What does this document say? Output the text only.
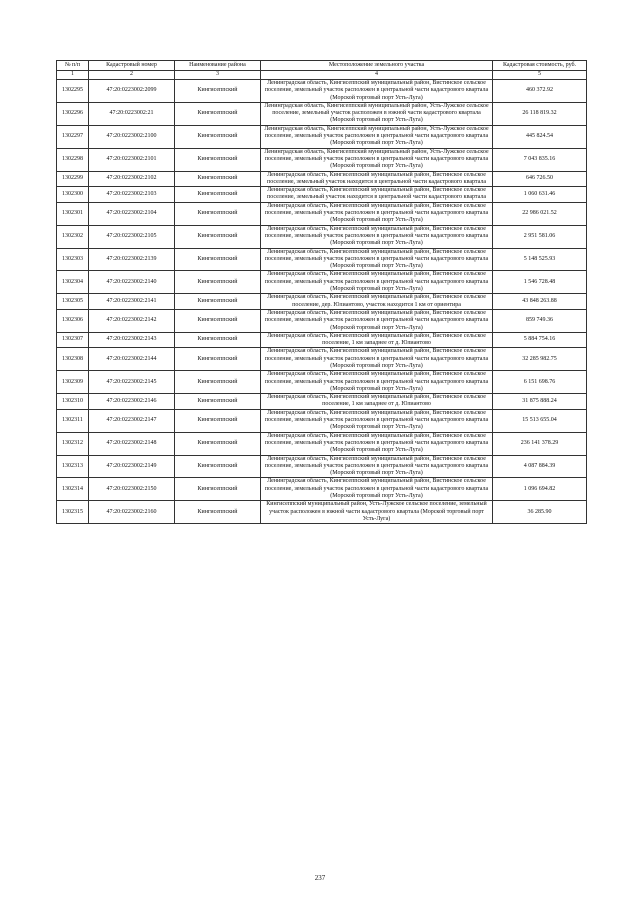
№ п/п	Кадастровый номер	Наименование района	Местоположение земельного участка	Кадастровая стоимость, руб.
1	2	3	4	5
1302295	47:20:0223002:2099	Кингисеппский	Ленинградская область, Кингисеппский муниципальный район, Вистинское сельское поселение, земельный участок расположен в центральной части кадастрового квартала (Морской торговый порт Усть-Луга)	460 372.92
1302296	47:20:0223002:21	Кингисеппский	Ленинградская область, Кингисеппский муниципальный район, Усть-Лужское сельское поселение, земельный участок расположен в южной части кадастрового квартала (Морской торговый порт Усть-Луга)	26 118 819.32
1302297	47:20:0223002:2100	Кингисеппский	Ленинградская область, Кингисеппский муниципальный район, Усть-Лужское сельское поселение, земельный участок расположен в центральной части кадастрового квартала (Морской торговый порт Усть-Луга)	445 824.54
1302298	47:20:0223002:2101	Кингисеппский	Ленинградская область, Кингисеппский муниципальный район, Усть-Лужское сельское поселение, земельный участок расположен в центральной части кадастрового квартала (Морской торговый порт Усть-Луга)	7 043 835.16
1302299	47:20:0223002:2102	Кингисеппский	Ленинградская область, Кингисеппский муниципальный район, Вистинское сельское поселение, земельный участок находится в центральной части кадастрового квартала	646 726.50
1302300	47:20:0223002:2103	Кингисеппский	Ленинградская область, Кингисеппский муниципальный район, Вистинское сельское поселение, земельный участок находится в центральной части кадастрового квартала	1 060 631.46
1302301	47:20:0223002:2104	Кингисеппский	Ленинградская область, Кингисеппский муниципальный район, Вистинское сельское поселение, земельный участок расположен в центральной части кадастрового квартала (Морской торговый порт Усть-Луга)	22 986 021.52
1302302	47:20:0223002:2105	Кингисеппский	Ленинградская область, Кингисеппский муниципальный район, Вистинское сельское поселение, земельный участок расположен в центральной части кадастрового квартала (Морской торговый порт Усть-Луга)	2 951 581.06
1302303	47:20:0223002:2139	Кингисеппский	Ленинградская область, Кингисеппский муниципальный район, Вистинское сельское поселение, земельный участок расположен в центральной части кадастрового квартала (Морской торговый порт Усть-Луга)	5 148 525.93
1302304	47:20:0223002:2140	Кингисеппский	Ленинградская область, Кингисеппский муниципальный район, Вистинское сельское поселение, земельный участок расположен в центральной части кадастрового квартала (Морской торговый порт Усть-Луга)	1 546 728.48
1302305	47:20:0223002:2141	Кингисеппский	Ленинградская область, Кингисеппский муниципальный район, Вистинское сельское поселение, дер. Юлиантово, участок находится 1 км от ориентира	43 848 263.88
1302306	47:20:0223002:2142	Кингисеппский	Ленинградская область, Кингисеппский муниципальный район, Вистинское сельское поселение, земельный участок расположен в центральной части кадастрового квартала (Морской торговый порт Усть-Луга)	859 749.36
1302307	47:20:0223002:2143	Кингисеппский	Ленинградская область, Кингисеппский муниципальный район, Вистинское сельское поселение, 1 км западнее от д. Юлиантово	5 884 754.16
1302308	47:20:0223002:2144	Кингисеппский	Ленинградская область, Кингисеппский муниципальный район, Вистинское сельское поселение, земельный участок расположен в центральной части кадастрового квартала (Морской торговый порт Усть-Луга)	32 285 982.75
1302309	47:20:0223002:2145	Кингисеппский	Ленинградская область, Кингисеппский муниципальный район, Вистинское сельское поселение, земельный участок расположен в центральной части кадастрового квартала (Морской торговый порт Усть-Луга)	6 151 698.76
1302310	47:20:0223002:2146	Кингисеппский	Ленинградская область, Кингисеппский муниципальный район, Вистинское сельское поселение, 1 км западнее от д. Юлиантово	31 875 888.24
1302311	47:20:0223002:2147	Кингисеппский	Ленинградская область, Кингисеппский муниципальный район, Вистинское сельское поселение, земельный участок расположен в центральной части кадастрового квартала (Морской торговый порт Усть-Луга)	15 513 655.04
1302312	47:20:0223002:2148	Кингисеппский	Ленинградская область, Кингисеппский муниципальный район, Вистинское сельское поселение, земельный участок расположен в центральной части кадастрового квартала (Морской торговый порт Усть-Луга)	236 141 378.29
1302313	47:20:0223002:2149	Кингисеппский	Ленинградская область, Кингисеппский муниципальный район, Вистинское сельское поселение, земельный участок расположен в центральной части кадастрового квартала (Морской торговый порт Усть-Луга)	4 087 884.39
1302314	47:20:0223002:2150	Кингисеппский	Ленинградская область, Кингисеппский муниципальный район, Вистинское сельское поселение, земельный участок расположен в центральной части кадастрового квартала (Морской торговый порт Усть-Луга)	1 096 694.82
1302315	47:20:0223002:2160	Кингисеппский	Кингисеппский муниципальный район, Усть-Лужское сельское поселение, земельный участок расположен в южной части кадастрового квартала (Морской торговый порт Усть-Луга)	36 285.90
237
